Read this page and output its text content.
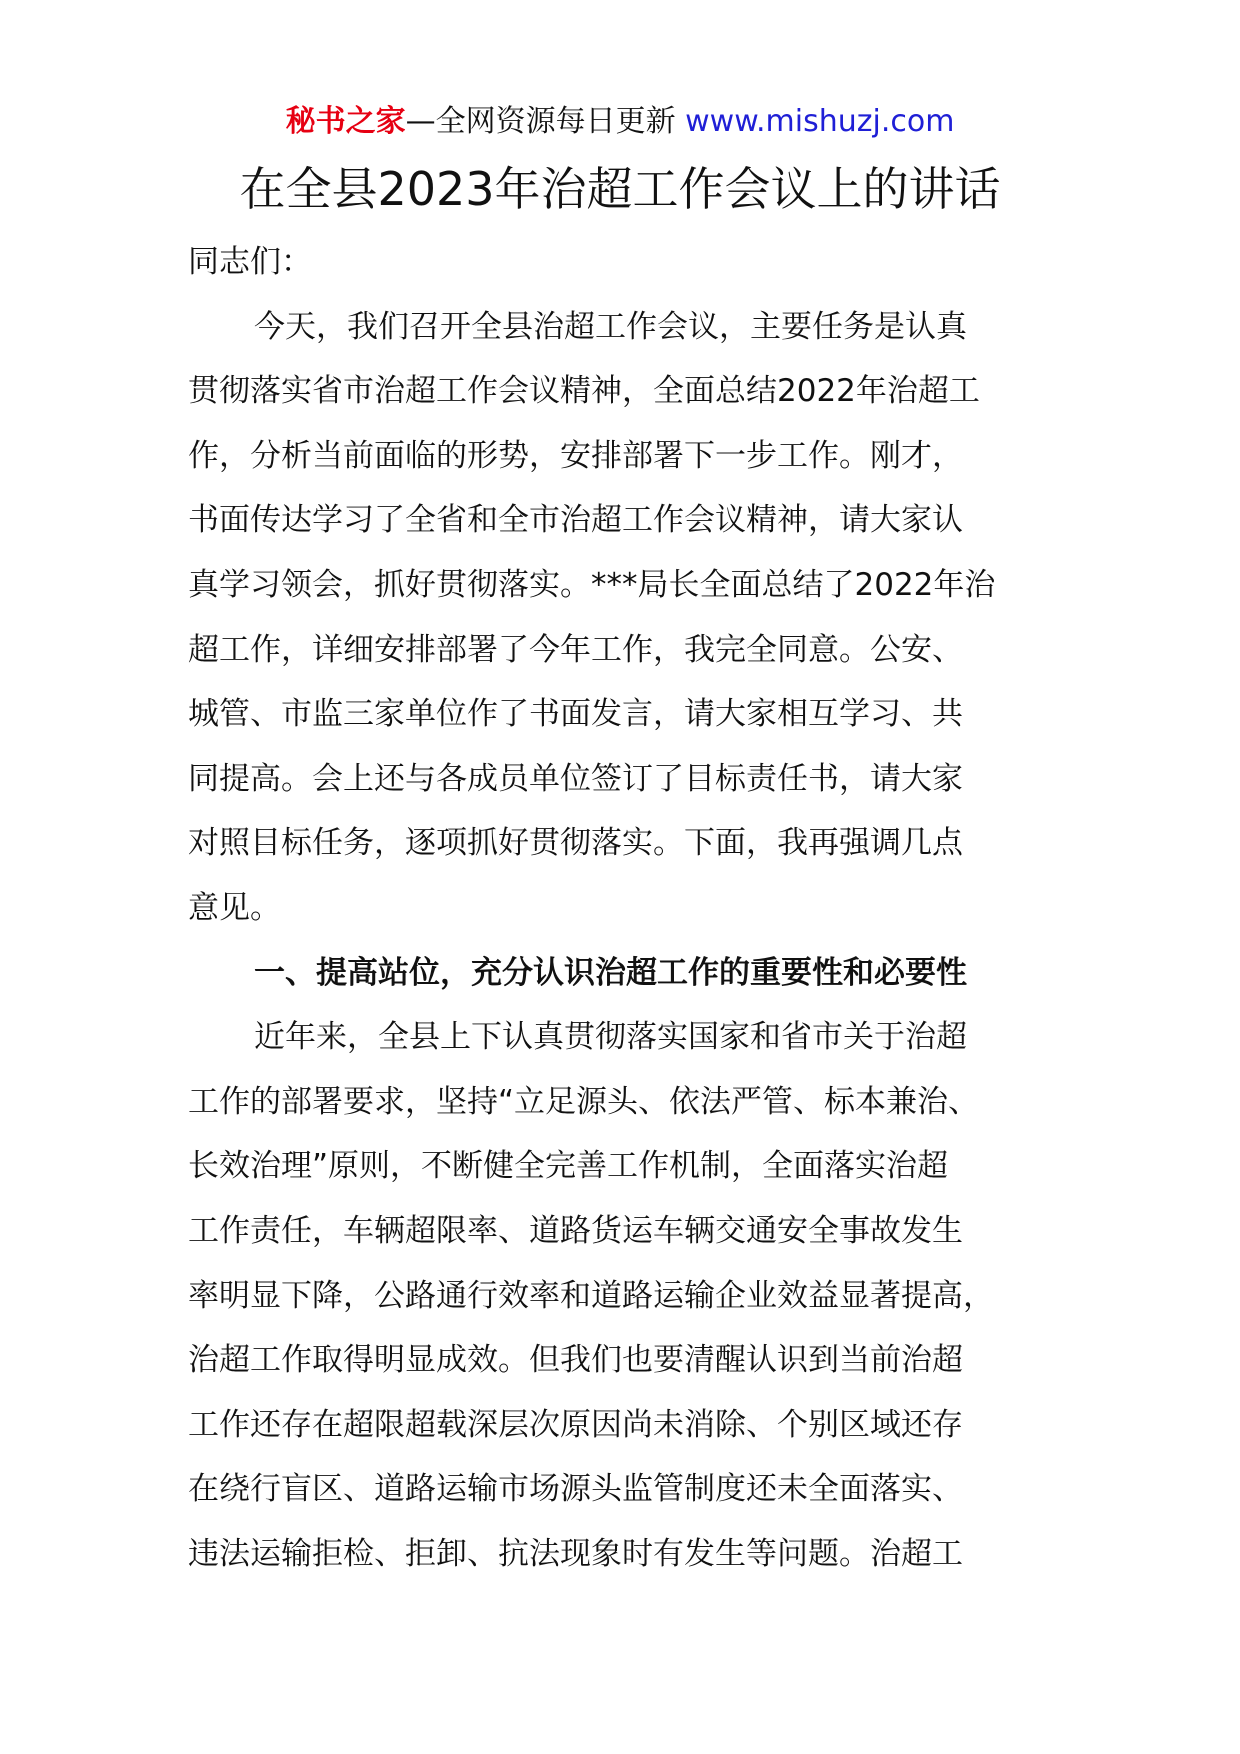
秘书之家—全网资源每日更新 www.mishuzj.com
在全县2023年治超工作会议上的讲话
同志们：
今天，我们召开全县治超工作会议，主要任务是认真
贯彻落实省市治超工作会议精神，全面总结2022年治超工
作，分析当前面临的形势，安排部署下一步工作。刚才，
书面传达学习了全省和全市治超工作会议精神，请大家认
真学习领会，抓好贯彻落实。***局长全面总结了2022年治
超工作，详细安排部署了今年工作，我完全同意。公安、
城管、市监三家单位作了书面发言，请大家相互学习、共
同提高。会上还与各成员单位签订了目标责任书，请大家
对照目标任务，逐项抓好贯彻落实。下面，我再强调几点
意见。
一、提高站位，充分认识治超工作的重要性和必要性
近年来，全县上下认真贯彻落实国家和省市关于治超
工作的部署要求，坚持“立足源头、依法严管、标本兼治、
长效治理”原则，不断健全完善工作机制，全面落实治超
工作责任，车辆超限率、道路货运车辆交通安全事故发生
率明显下降，公路通行效率和道路运输企业效益显著提高，
治超工作取得明显成效。但我们也要清醒认识到当前治超
工作还存在超限超载深层次原因尚未消除、个别区域还存
在绕行盲区、道路运输市场源头监管制度还未全面落实、
违法运输拒检、拒卸、抗法现象时有发生等问题。治超工
